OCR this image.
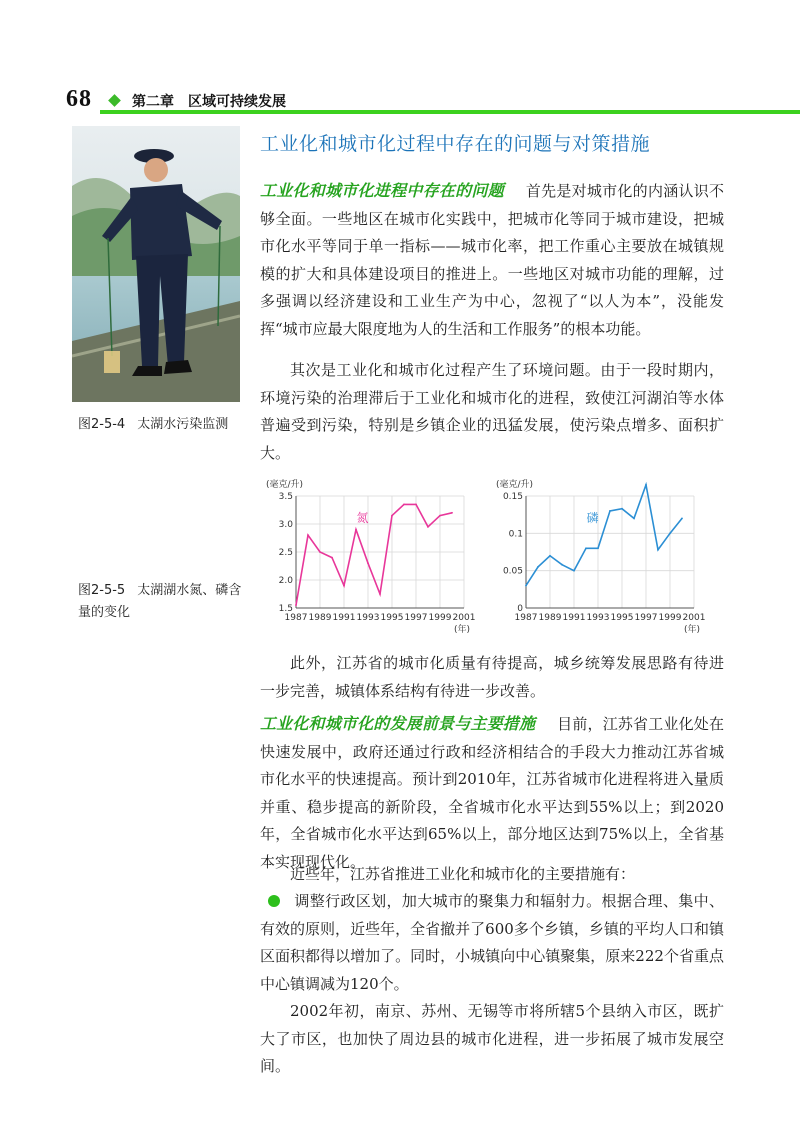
68	第二章　区域可持续发展
图2-5-4 太湖水污染监测
图2-5-5 太湖湖水氮、磷含量的变化
工业化和城市化过程中存在的问题与对策措施
工业化和城市化进程中存在的问题 首先是对城市化的内涵认识不够全面。一些地区在城市化实践中，把城市化等同于城市建设，把城市化水平等同于单一指标——城市化率，把工作重心主要放在城镇规模的扩大和具体建设项目的推进上。一些地区对城市功能的理解，过多强调以经济建设和工业生产为中心，忽视了“以人为本”，没能发挥“城市应最大限度地为人的生活和工作服务”的根本功能。
其次是工业化和城市化过程产生了环境问题。由于一段时期内，环境污染的治理滞后于工业化和城市化的进程，致使江河湖泊等水体普遍受到污染，特别是乡镇企业的迅猛发展，使污染点增多、面积扩大。
1987 1989 1991 1993 1995 1997 1999 2001
1.5
2.0
2.5
3.0
3.5
(毫克/升)
(年)
氮
1987 1989 1991 1993 1995 1997 1999 2001
0
0.05
0.1
0.15
(毫克/升)
(年)
磷
此外，江苏省的城市化质量有待提高，城乡统筹发展思路有待进一步完善，城镇体系结构有待进一步改善。
工业化和城市化的发展前景与主要措施 目前，江苏省工业化处在快速发展中，政府还通过行政和经济相结合的手段大力推动江苏省城市化水平的快速提高。预计到2010年，江苏省城市化进程将进入量质并重、稳步提高的新阶段，全省城市化水平达到55%以上；到2020年，全省城市化水平达到65%以上，部分地区达到75%以上，全省基本实现现代化。
近些年，江苏省推进工业化和城市化的主要措施有：
调整行政区划，加大城市的聚集力和辐射力。根据合理、集中、有效的原则，近些年，全省撤并了600多个乡镇，乡镇的平均人口和镇区面积都得以增加了。同时，小城镇向中心镇聚集，原来222个省重点中心镇调减为120个。
2002年初，南京、苏州、无锡等市将所辖5个县纳入市区，既扩大了市区，也加快了周边县的城市化进程，进一步拓展了城市发展空间。
